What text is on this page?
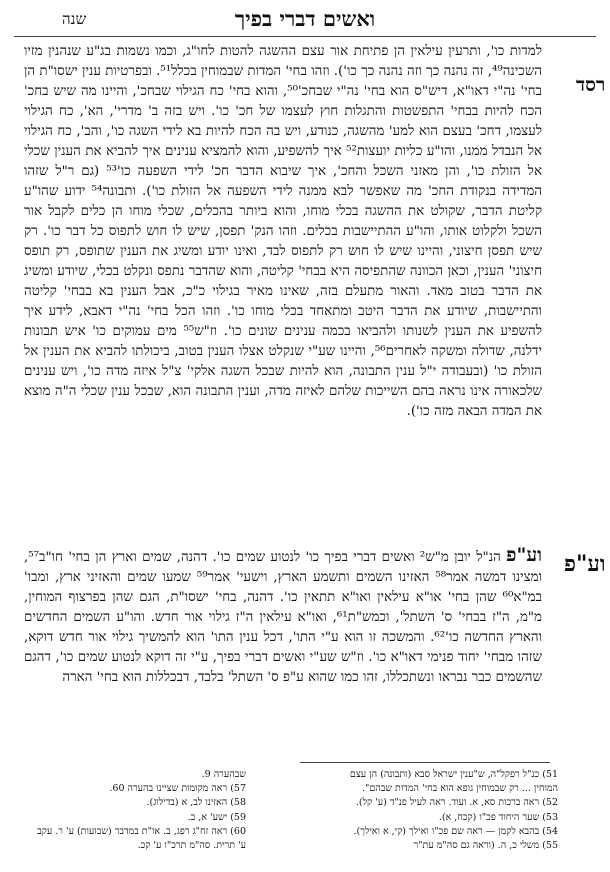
ואשים דברי בפיך
שנה
רסד
וע"פ
למדות כו', ותרעין עילאין הן פתיחת אור עצם ההשגה להטות לחו"ג, וכמו נשמות בג"ע שנהנין מזיו השכינה⁴⁹, זה נהנה כך וזה נהנה כך כו'). וזהו בחי' המדות שבמוחין בכלל⁵¹. ובפרטיות ענין ישסו"ת הן בחי' נה"י דאו"א, דיש"ס הוא בחי' נה"י שבחכ'⁵⁰, והוא בחי' כח הגילוי שבחכ', והיינו מה שיש בחכ' הכח להיות בבחי' התפשטות והתגלות חוץ לעצמו של חכ' כו'. ויש בזה ב' מדרי', הא', כח הגילוי לעצמו, דחכ' בעצם הוא למע' מהשגה, כנודע, ויש בה הכח להיות בא לידי השגה כו', והב', כח הגילוי אל הנבדל ממנו, והו"ע כליות יועצות⁵² איך להשפיע, והוא להמציא ענינים איך להביא את הענין שכלי אל הזולת כו', והן מאזני השכל והחכ', איך שיבוא הדבר חכ' לידי השפעה כו'⁵³ (גם ר"ל שזהו המדידה בנקודת החכ' מה שאפשר לבא ממנה לידי השפעה אל הזולת כו'). ותבונה⁵⁴ ידוע שהו"ע קליטת הדבר, שקולט את ההשגה בכלי מוחו, והוא ביותר בהכלים, שכלי מוחו הן כלים לקבל אור השכל ולקלוט אותו, והו"ע ההתיישבות בכלים. וזהו הנק' תפסן, שיש לו חוש לתפוס כל דבר כו'. רק שיש תפסן חיצוני, והיינו שיש לו חוש רק לתפוס לבד, ואינו יודע ומשיג את הענין שתופס, רק תופס חיצוני' הענין, וכאן הכוונה שהתפיסה היא בבחי' קליטה, והוא שהדבר נתפס ונקלט בכלי, שיודע ומשיג את הדבר בטוב מאד. והאור מתעלם בזה, שאינו מאיר בגילוי כ"כ, אבל הענין בא בבחי' קליטה והתיישבות, שיודע את הדבר היטב ומתאחד בכלי מוחו כו'. וזהו הכל בחי' נה"י דאבא, לידע איך להשפיע את הענין לשנותו ולהביאו בכמה ענינים שונים כו'. וז"ש⁵⁵ מים עמוקים כו' איש תבונות ידלנה, שדולה ומשקה לאחרים⁵⁶, והיינו שע"י שנקלט אצלו הענין בטוב, ביכולתו להביא את הענין אל הזולת כו' (ובעבודה י"ל ענין התבונה, הוא להיות שבכל השגה אלקי' צ"ל איזה מדה כו', ויש ענינים שלכאורה אינו נראה בהם השייכות שלהם לאיזה מדה, וענין התבונה הוא, שבכל ענין שכלי ה"ה מוצא את המדה הבאה מזה כו').
וע"פ הנ"ל יובן מ"ש² ואשים דברי בפיך כו' לנטוע שמים כו'. דהנה, שמים וארץ הן בחי' חו"ב⁵⁷, ומצינו דמשה אמר⁵⁸ האזינו השמים ותשמע הארץ, וישעי' אמר⁵⁹ שמעו שמים והאזיני ארץ, ומבו' במ"א⁶⁰ שהן בחי' או"א עילאין ואו"א תתאין כו'. דהנה, בחי' ישסו"ת, הגם שהן בפרצוף המוחין, מ"מ, ה"ז בבחי' ס' השתל', וכמש"ת⁶¹, ואו"א עילאין ה"ז גילוי אור חדש. והו"ע השמים החדשים והארץ החדשה כו'⁶². והמשכה זו הוא ע"י התו', דכל ענין התו' הוא להמשיך גילוי אור חדש דוקא, שזהו מבחי' יחוד פנימי דאו"א כו'. וז"ש שע"י ואשים דברי בפיך, ע"י זה דוקא לנטוע שמים כו', דהגם שהשמים כבר נבראו ונשתכללו, זהו כמו שהוא ע"פ ס' השתל' בלבד, דבכללות הוא בחי' הארה
51) כנ"ל רפקל"ה, ש"ענין ישראל סבא (ותבונה) הן עצם
המוחין ... רק שבמוחין גופא הוא בחי' המדות שבהם".
52) ראה ברכות סא, א. ועוד. ראה לעיל פנ"ד (ע' קל).
53) שער היחוד פכ"ו (קכח, א).
54) בהבא לקמן — ראה שם פכ"ו ואילך (קי, א ואילך).
55) משלי כ, ה. (וראה גם סה"מ עת"ר
שבהערה 9.
57) ראה מקומות שציינו בהערה 60.
58) האזינו לב, א (בדילוג).
59) ישע' א, ב.
60) ראה זח"ג רפג, ב. או"ת במדבר (שבועות) ע' ר. עקב
ע' תרית. סה"מ תרכ"ו ע' קכ.
